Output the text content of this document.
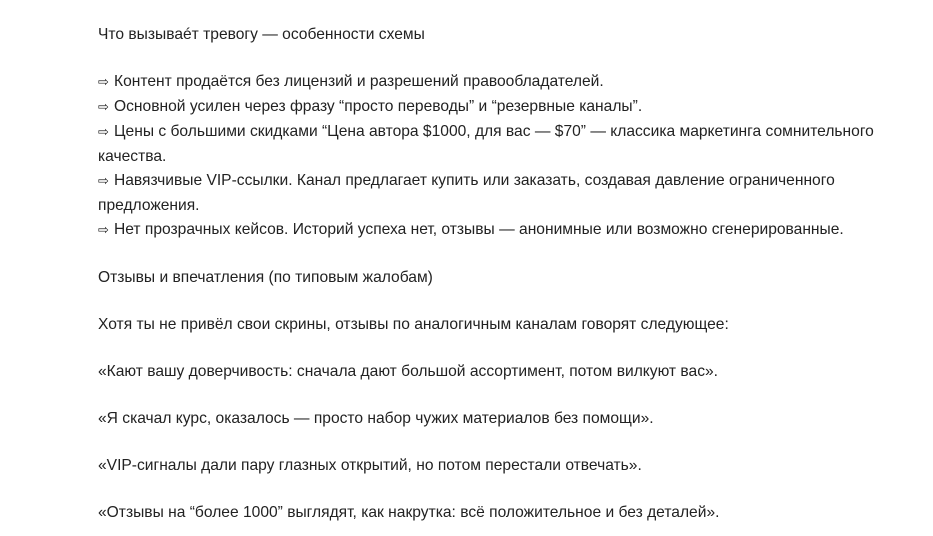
Что вызываéт тревогу — особенности схемы

⇨ Контент продаётся без лицензий и разрешений правообладателей.
⇨ Основной усилен через фразу “просто переводы” и “резервные каналы”.
⇨ Цены с большими скидками “Цена автора $1000, для вас — $70” — классика маркетинга сомнительного качества.
⇨ Навязчивые VIP-ссылки. Канал предлагает купить или заказать, создавая давление ограниченного предложения.
⇨ Нет прозрачных кейсов. Историй успеха нет, отзывы — анонимные или возможно сгенерированные.

Отзывы и впечатления (по типовым жалобам)

Хотя ты не привёл свои скрины, отзывы по аналогичным каналам говорят следующее:

«Кают вашу доверчивость: сначала дают большой ассортимент, потом вилкуют вас».

«Я скачал курс, оказалось — просто набор чужих материалов без помощи».

«VIP-сигналы дали пару глазных открытий, но потом перестали отвечать».

«Отзывы на “более 1000” выглядят, как накрутка: всё положительное и без деталей».
